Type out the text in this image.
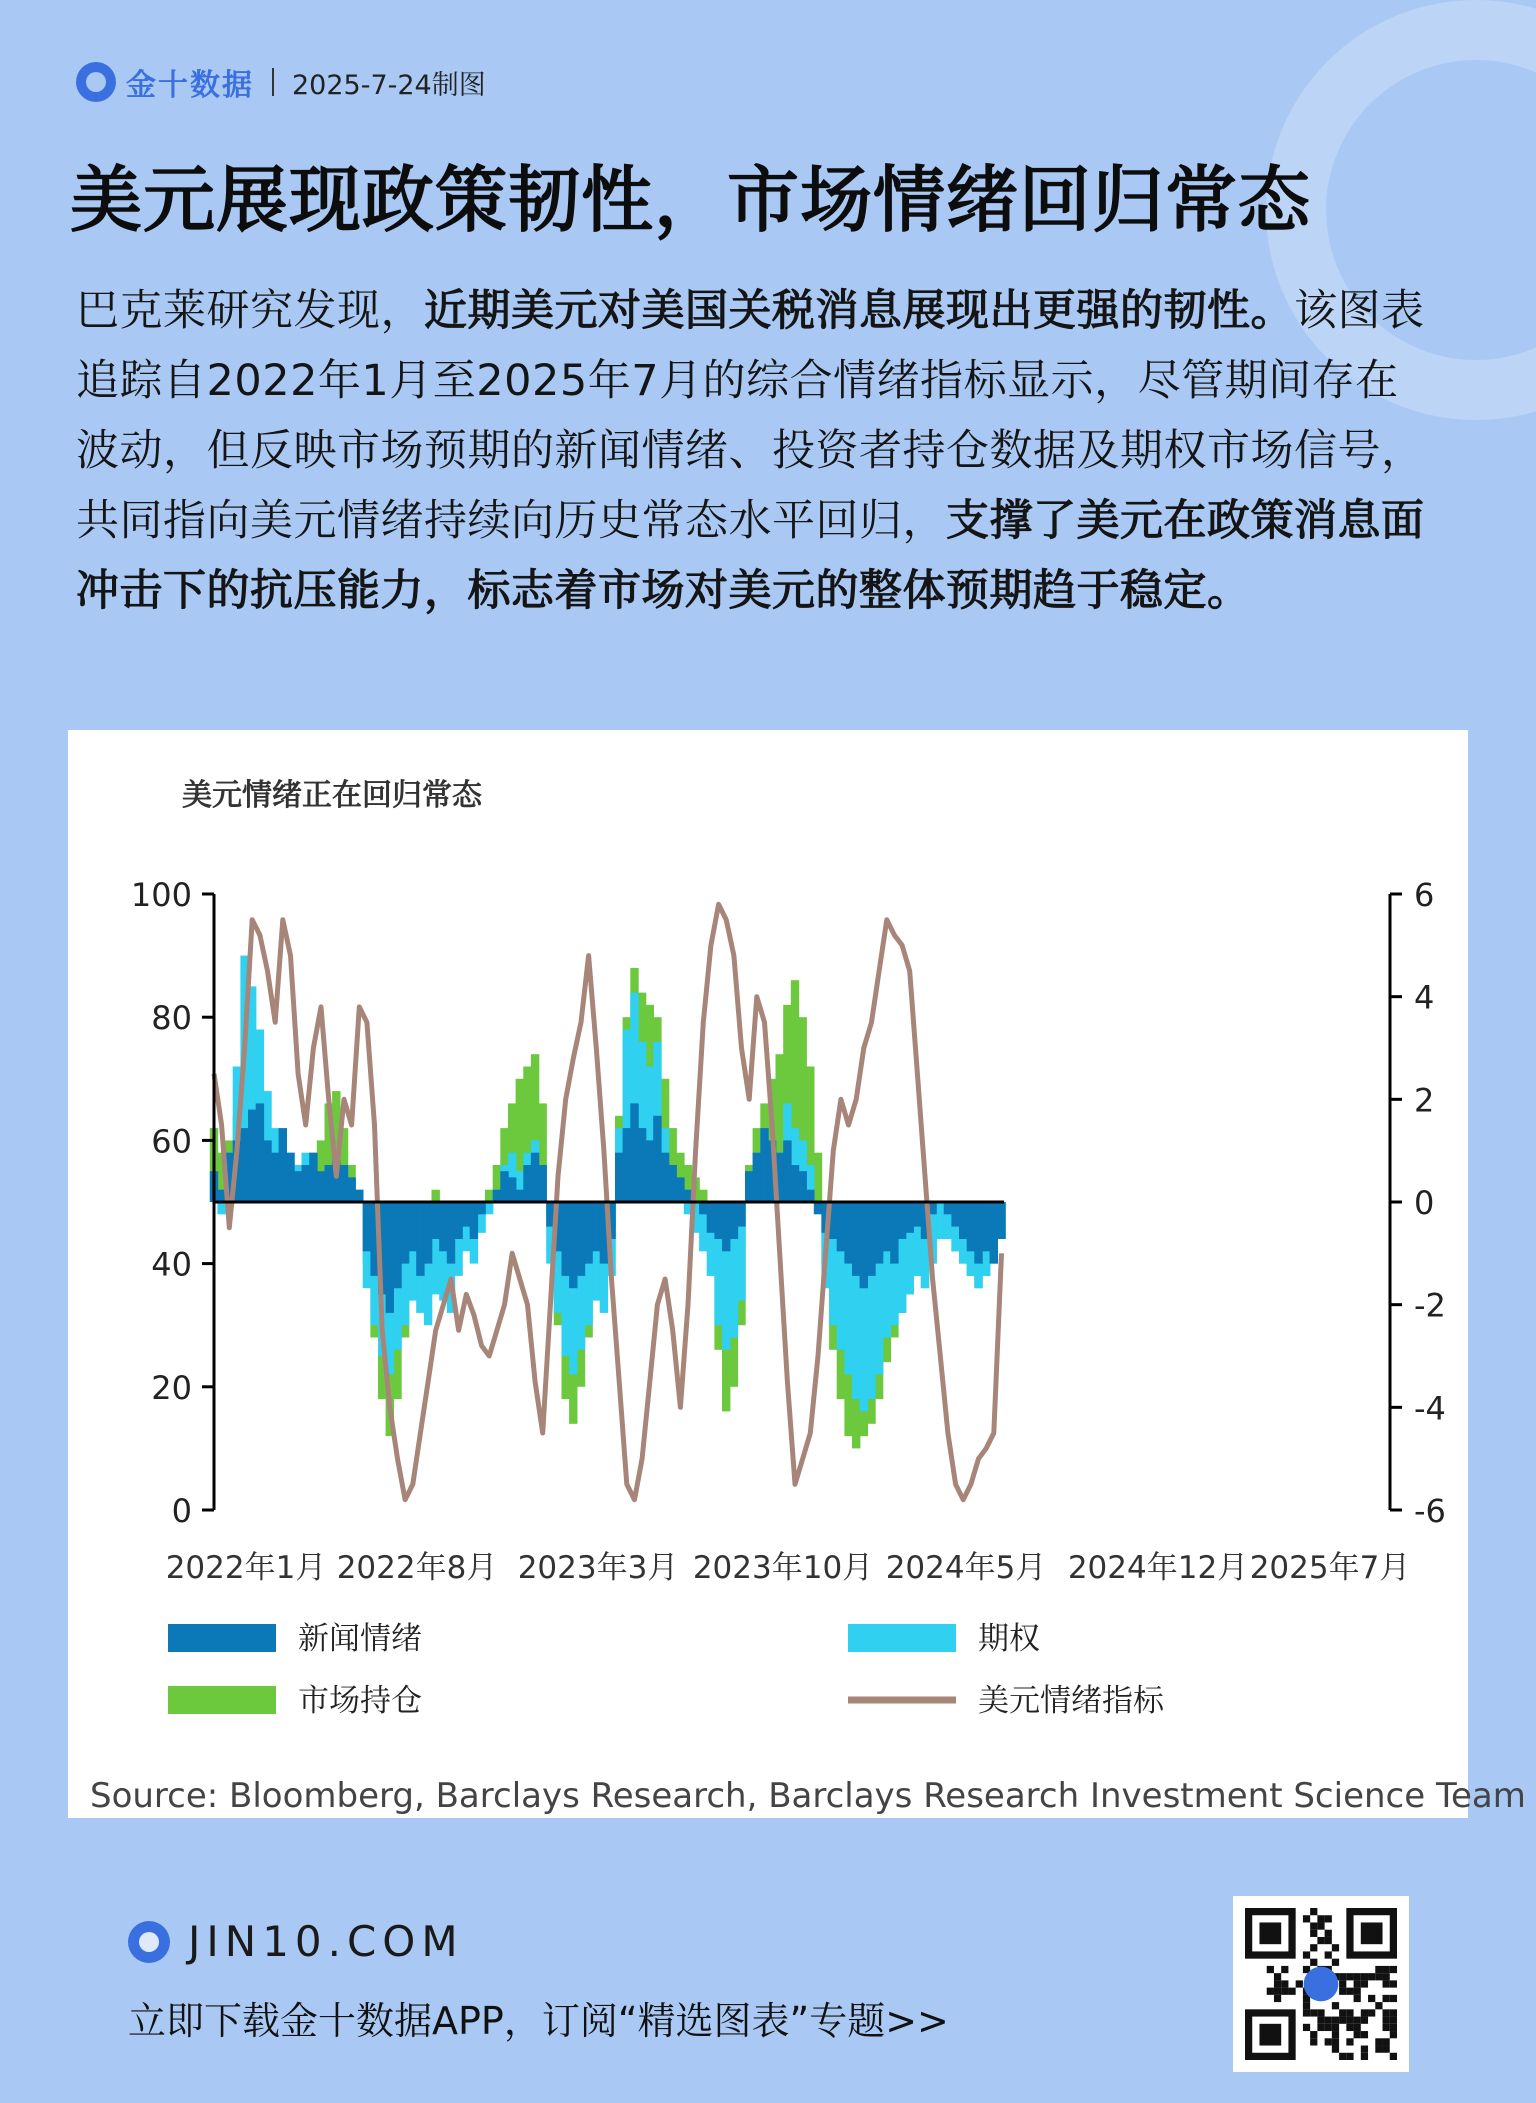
金十数据 2025-7-24制图
美元展现政策韧性，市场情绪回归常态
巴克莱研究发现，近期美元对美国关税消息展现出更强的韧性。该图表追踪自2022年1月至2025年7月的综合情绪指标显示，尽管期间存在波动，但反映市场预期的新闻情绪、投资者持仓数据及期权市场信号，共同指向美元情绪持续向历史常态水平回归，支撑了美元在政策消息面冲击下的抗压能力，标志着市场对美元的整体预期趋于稳定。
美元情绪正在回归常态
0
20
40
60
80
100
-6
-4
-2
0
2
4
6
2022年1月 2022年8月 2023年3月 2023年10月 2024年5月 2024年12月 2025年7月
新闻情绪	期权
市场持仓	美元情绪指标
Source: Bloomberg, Barclays Research, Barclays Research Investment Science Team
JIN10.COM
立即下载金十数据APP，订阅“精选图表”专题>>
